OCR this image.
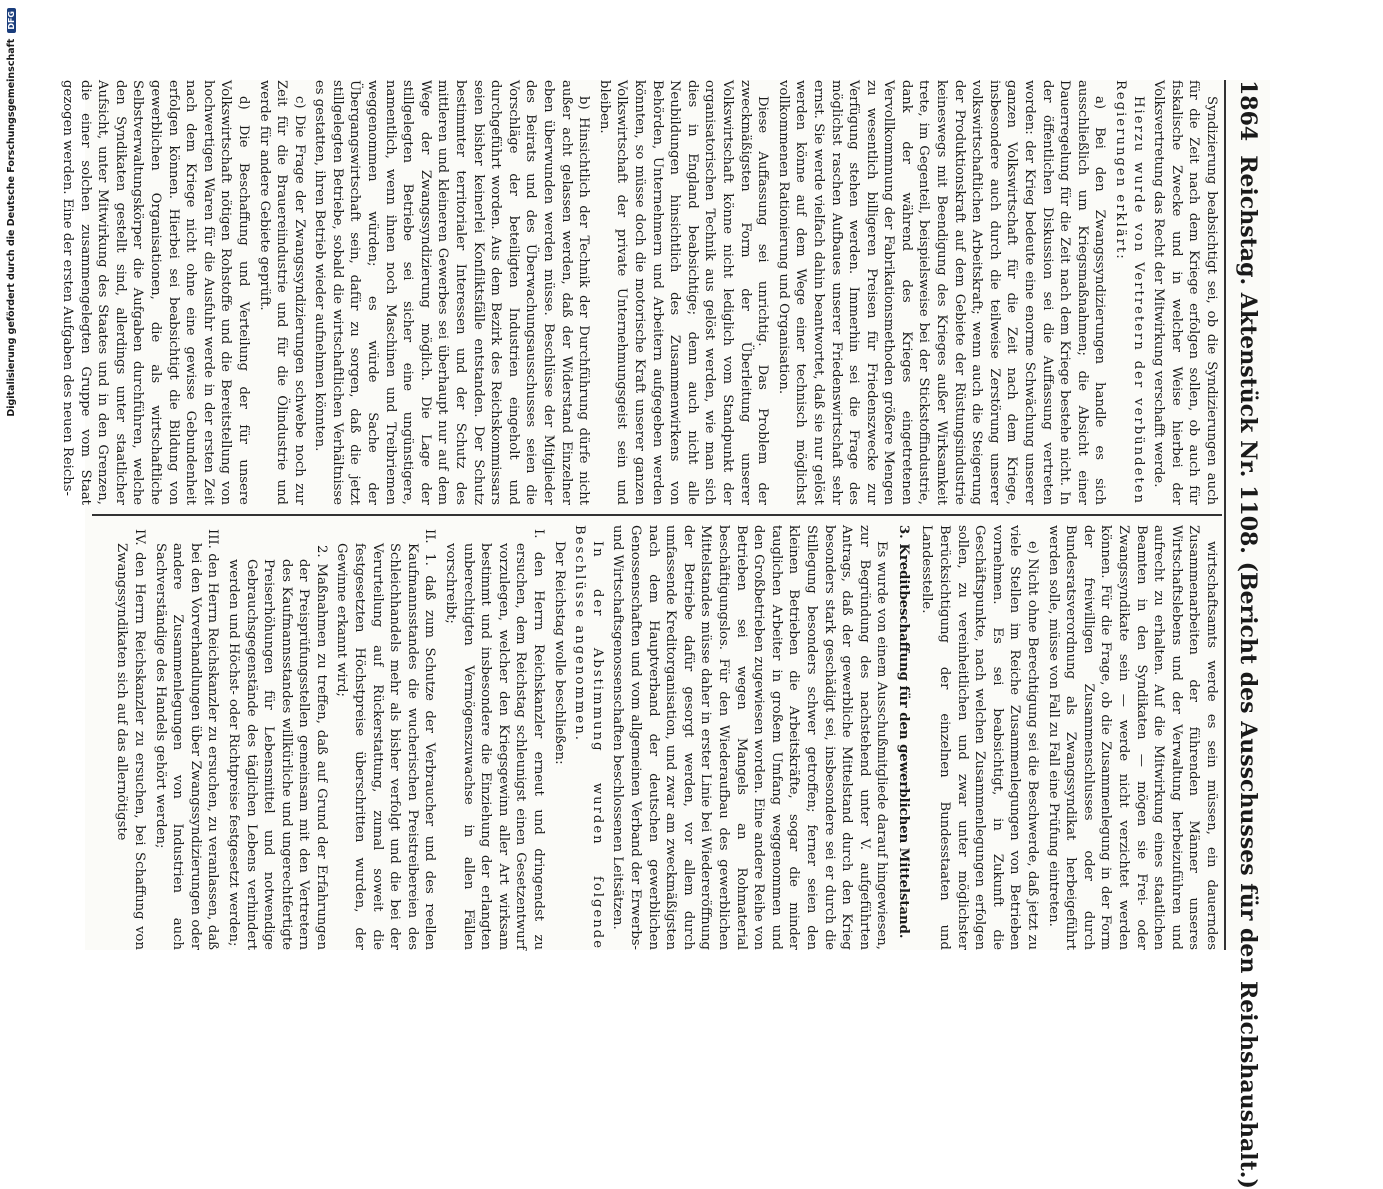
1864
Reichstag. Aktenstück Nr. 1108. (Bericht des Ausschusses für den Reichshaushalt.)

Syndizierung beabsichtigt sei, ob die Syndizierungen auch für die Zeit nach dem Kriege erfolgen sollen, ob auch für fiskalische Zwecke und in welcher Weise hierbei der Volksvertretung das Recht der Mitwirkung verschafft werde.

Hierzu wurde von Vertretern der verbündeten Regierungen erklärt:

a) Bei den Zwangssyndizierungen handle es sich ausschließlich um Kriegsmaßnahmen; die Absicht einer Dauerregelung für die Zeit nach dem Kriege bestehe nicht. In der öffentlichen Diskussion sei die Auffassung vertreten worden: der Krieg bedeute eine enorme Schwächung unserer ganzen Volkswirtschaft für die Zeit nach dem Kriege, insbesondere auch durch die teilweise Zerstörung unserer volkswirtschaftlichen Arbeitskraft; wenn auch die Steigerung der Produktionskraft auf dem Gebiete der Rüstungsindustrie keineswegs mit Beendigung des Krieges außer Wirksamkeit trete, im Gegenteil, beispielsweise bei der Stickstoffindustrie, dank der während des Krieges eingetretenen Vervollkommnung der Fabrikationsmethoden größere Mengen zu wesentlich billigeren Preisen für Friedenszwecke zur Verfügung stehen werden. Immerhin sei die Frage des möglichst raschen Aufbaues unserer Friedenswirtschaft sehr ernst. Sie werde vielfach dahin beantwortet, daß sie nur gelöst werden könne auf dem Wege einer technisch möglichst vollkommenen Rationierung und Organisation.

Diese Auffassung sei unrichtig. Das Problem der zweckmäßigsten Form der Überleitung unserer Volkswirtschaft könne nicht lediglich vom Standpunkt der organisatorischen Technik aus gelöst werden, wie man sich dies in England beabsichtige; denn auch nicht alle Neubildungen hinsichtlich des Zusammenwirkens von Behörden, Unternehmern und Arbeitern aufgegeben werden könnten, so müsse doch die motorische Kraft unserer ganzen Volkswirtschaft der private Unternehmungsgeist sein und bleiben.

b) Hinsichtlich der Technik der Durchführung dürfe nicht außer acht gelassen werden, daß der Widerstand Einzelner eben überwunden werden müsse. Beschlüsse der Mitglieder des Beirats und des Überwachungsausschusses seien die Vorschläge der beteiligten Industrien eingeholt und durchgeführt worden. Aus dem Bezirk des Reichskommissars seien bisher keinerlei Konfliktsfälle entstanden. Der Schutz bestimmter territorialer Interessen und der Schutz des mittleren und kleineren Gewerbes sei überhaupt nur auf dem Wege der Zwangssyndizierung möglich. Die Lage der stillgelegten Betriebe sei sicher eine ungünstigere, namentlich, wenn ihnen noch Maschinen und Treibriemen weggenommen würden; es würde Sache der Übergangswirtschaft sein, dafür zu sorgen, daß die jetzt stillgelegten Betriebe, sobald die wirtschaftlichen Verhältnisse es gestatten, ihren Betrieb wieder aufnehmen könnten.

c) Die Frage der Zwangssyndizierungen schwebe noch zur Zeit für die Brauereiindustrie und für die Ölindustrie und werde für andere Gebiete geprüft.

d) Die Beschaffung und Verteilung der für unsere Volkswirtschaft nötigen Rohstoffe und die Bereitstellung von hochwertigen Waren für die Ausfuhr werde in der ersten Zeit nach dem Kriege nicht ohne eine gewisse Gebundenheit erfolgen können. Hierbei sei beabsichtigt die Bildung von gewerblichen Organisationen, die als wirtschaftliche Selbstverwaltungskörper die Aufgaben durchführen, welche den Syndikaten gestellt sind, allerdings unter staatlicher Aufsicht, unter Mitwirkung des Staates und in den Grenzen, die einer solchen zusammengelegten Gruppe vom Staat gezogen werden. Eine der ersten Aufgaben des neuen Reichs-

wirtschaftsamts werde es sein müssen, ein dauerndes Zusammenarbeiten der führenden Männer unseres Wirtschaftslebens und der Verwaltung herbeizuführen und aufrecht zu erhalten. Auf die Mitwirkung eines staatlichen Beamten in den Syndikaten — mögen sie Frei- oder Zwangssyndikate sein — werde nicht verzichtet werden können. Für die Frage, ob die Zusammenlegung in der Form der freiwilligen Zusammenschlusses oder durch Bundesratsverordnung als Zwangssyndikat herbeigeführt werden solle, müsse von Fall zu Fall eine Prüfung eintreten.

e) Nicht ohne Berechtigung sei die Beschwerde, daß jetzt zu viele Stellen im Reiche Zusammenlegungen von Betrieben vornehmen. Es sei beabsichtigt, in Zukunft die Geschäftspunkte, nach welchen Zusammenlegungen erfolgen sollen, zu vereinheitlichen und zwar unter möglichster Berücksichtigung der einzelnen Bundesstaaten und Landesstelle.

3. Kreditbeschaffung für den gewerblichen Mittelstand.

Es wurde von einem Ausschußmitgliede darauf hingewiesen, zur Begründung des nachstehend unter V. aufgeführten Antrags, daß der gewerbliche Mittelstand durch den Krieg besonders stark geschädigt sei, insbesondere sei er durch die Stillegung besonders schwer getroffen; ferner seien den kleinen Betrieben die Arbeitskräfte, sogar die minder tauglichen Arbeiter in großem Umfang weggenommen und den Großbetrieben zugewiesen worden. Eine andere Reihe von Betrieben sei wegen Mangels an Rohmaterial beschäftigungslos. Für den Wiederaufbau des gewerblichen Mittelstandes müsse daher in erster Linie bei Wiedereröffnung der Betriebe dafür gesorgt werden, vor allem durch umfassende Kreditorganisation, und zwar am zweckmäßigsten nach dem Hauptverband der deutschen gewerblichen Genossenschaften und vom allgemeinen Verband der Erwerbs- und Wirtschaftsgenossenschaften beschlossenen Leitsätzen.

In der Abstimmung wurden folgende Beschlüsse angenommen.

Der Reichstag wolle beschließen:

I. den Herrn Reichskanzler erneut und dringendst zu ersuchen, dem Reichstag schleunigst einen Gesetzentwurf vorzulegen, welcher den Kriegsgewinn aller Art wirksam bestimmt und insbesondere die Einziehung der erlangten unberechtigten Vermögenszuwachse in allen Fällen vorschreibt;

II. 1. daß zum Schutze der Verbraucher und des reellen Kaufmannsstandes die wucherischen Preistreibereien des Schleichhandels mehr als bisher verfolgt und die bei der Verurteilung auf Rückerstattung, zumal soweit die festgesetzten Höchstpreise überschritten wurden, der Gewinne erkannt wird;

2. Maßnahmen zu treffen, daß auf Grund der Erfahrungen der Preisprüfungsstellen gemeinsam mit den Vertretern des Kaufmannsstandes willkürliche und ungerechtfertigte Preiserhöhungen für Lebensmittel und notwendige Gebrauchsgegenstände des täglichen Lebens verhindert werden und Höchst- oder Richtpreise festgesetzt werden;

III. den Herrn Reichskanzler zu ersuchen, zu veranlassen, daß bei den Vorverhandlungen über Zwangssyndizierungen oder andere Zusammenlegungen von Industrien auch Sachverständige des Handels gehört werden;

IV. den Herrn Reichskanzler zu ersuchen, bei Schaffung von Zwangssyndikaten sich auf das allernötigste

Digitalisierung gefördert durch die Deutsche Forschungsgemeinschaft
DFG
